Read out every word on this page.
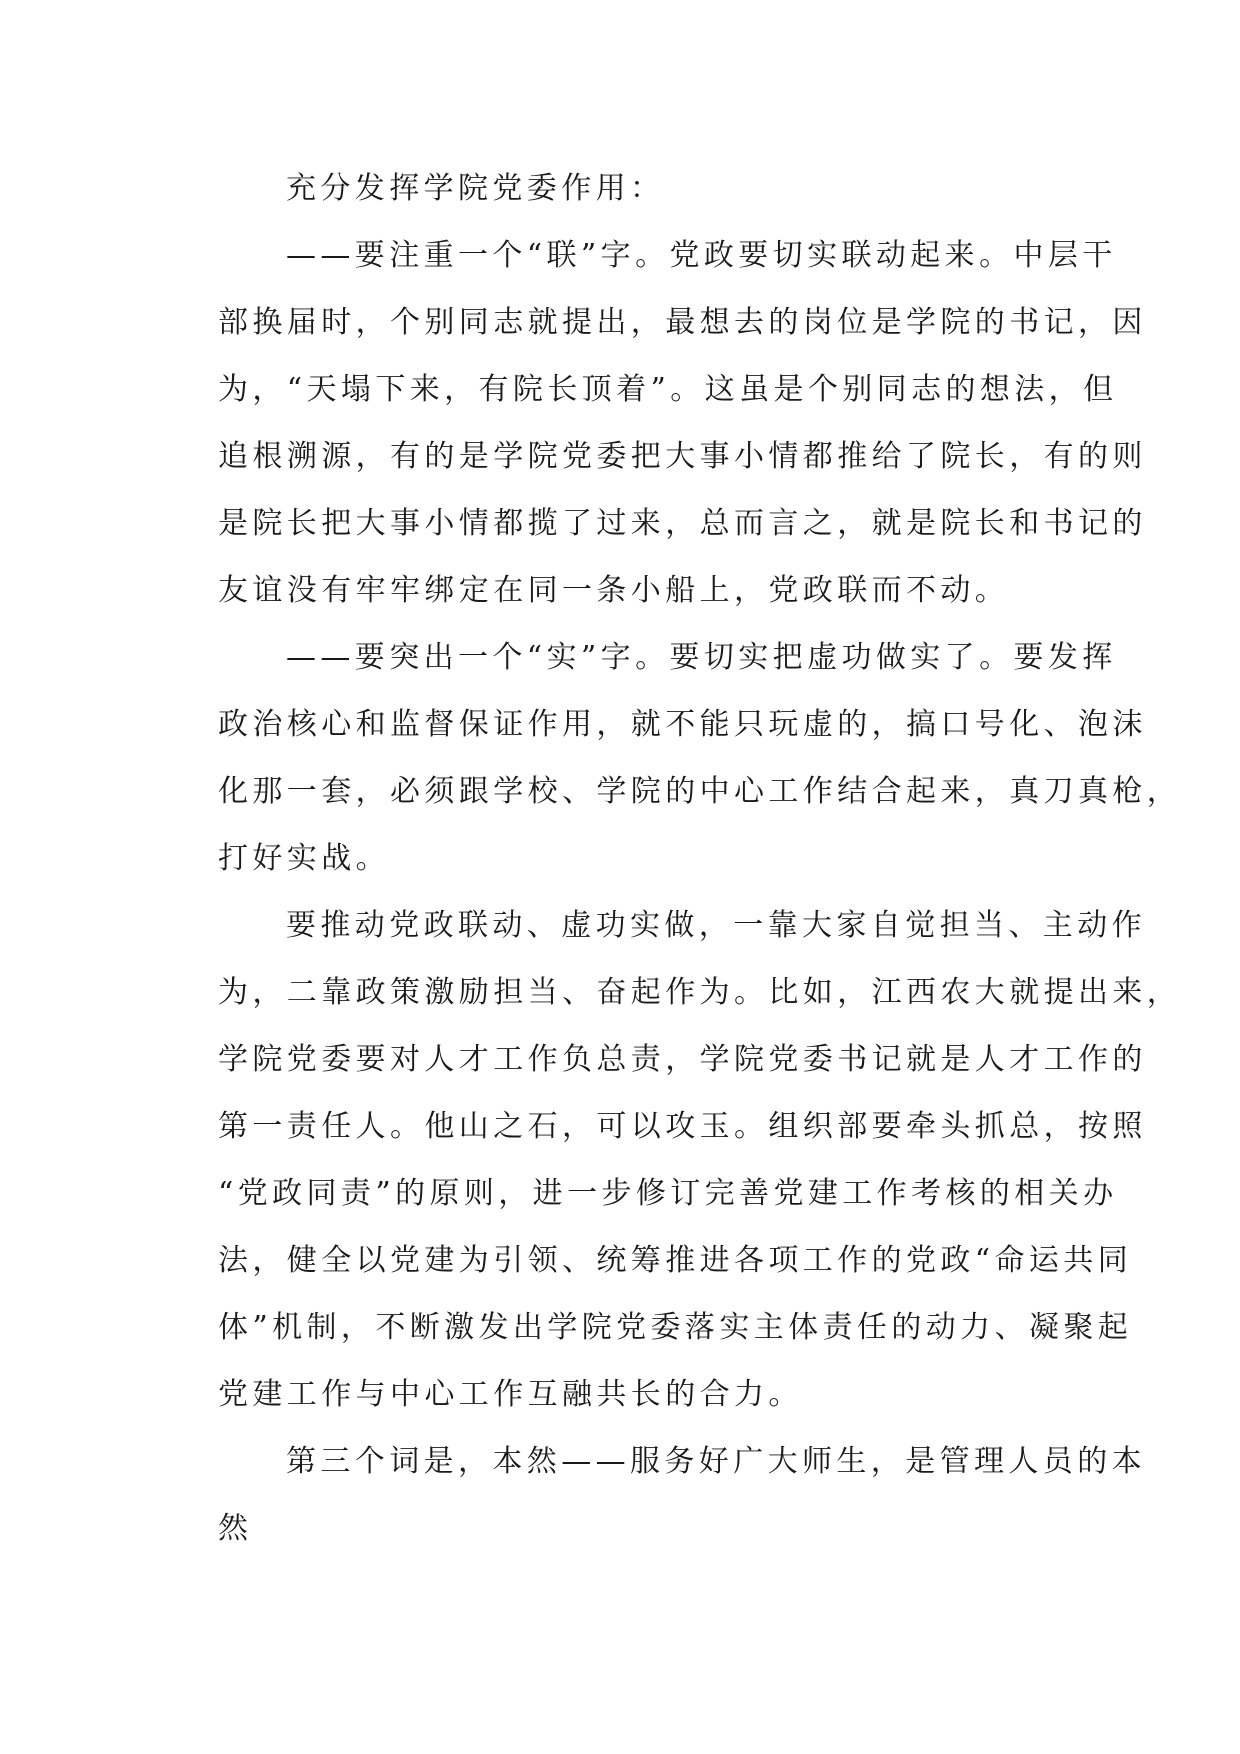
充分发挥学院党委作用：
——要注重一个“联”字。党政要切实联动起来。中层干
部换届时，个别同志就提出，最想去的岗位是学院的书记，因
为，“天塌下来，有院长顶着”。这虽是个别同志的想法，但
追根溯源，有的是学院党委把大事小情都推给了院长，有的则
是院长把大事小情都揽了过来，总而言之，就是院长和书记的
友谊没有牢牢绑定在同一条小船上，党政联而不动。
——要突出一个“实”字。要切实把虚功做实了。要发挥
政治核心和监督保证作用，就不能只玩虚的，搞口号化、泡沫
化那一套，必须跟学校、学院的中心工作结合起来，真刀真枪，
打好实战。
要推动党政联动、虚功实做，一靠大家自觉担当、主动作
为，二靠政策激励担当、奋起作为。比如，江西农大就提出来，
学院党委要对人才工作负总责，学院党委书记就是人才工作的
第一责任人。他山之石，可以攻玉。组织部要牵头抓总，按照
“党政同责”的原则，进一步修订完善党建工作考核的相关办
法，健全以党建为引领、统筹推进各项工作的党政“命运共同
体”机制，不断激发出学院党委落实主体责任的动力、凝聚起
党建工作与中心工作互融共长的合力。
第三个词是，本然——服务好广大师生，是管理人员的本
然
